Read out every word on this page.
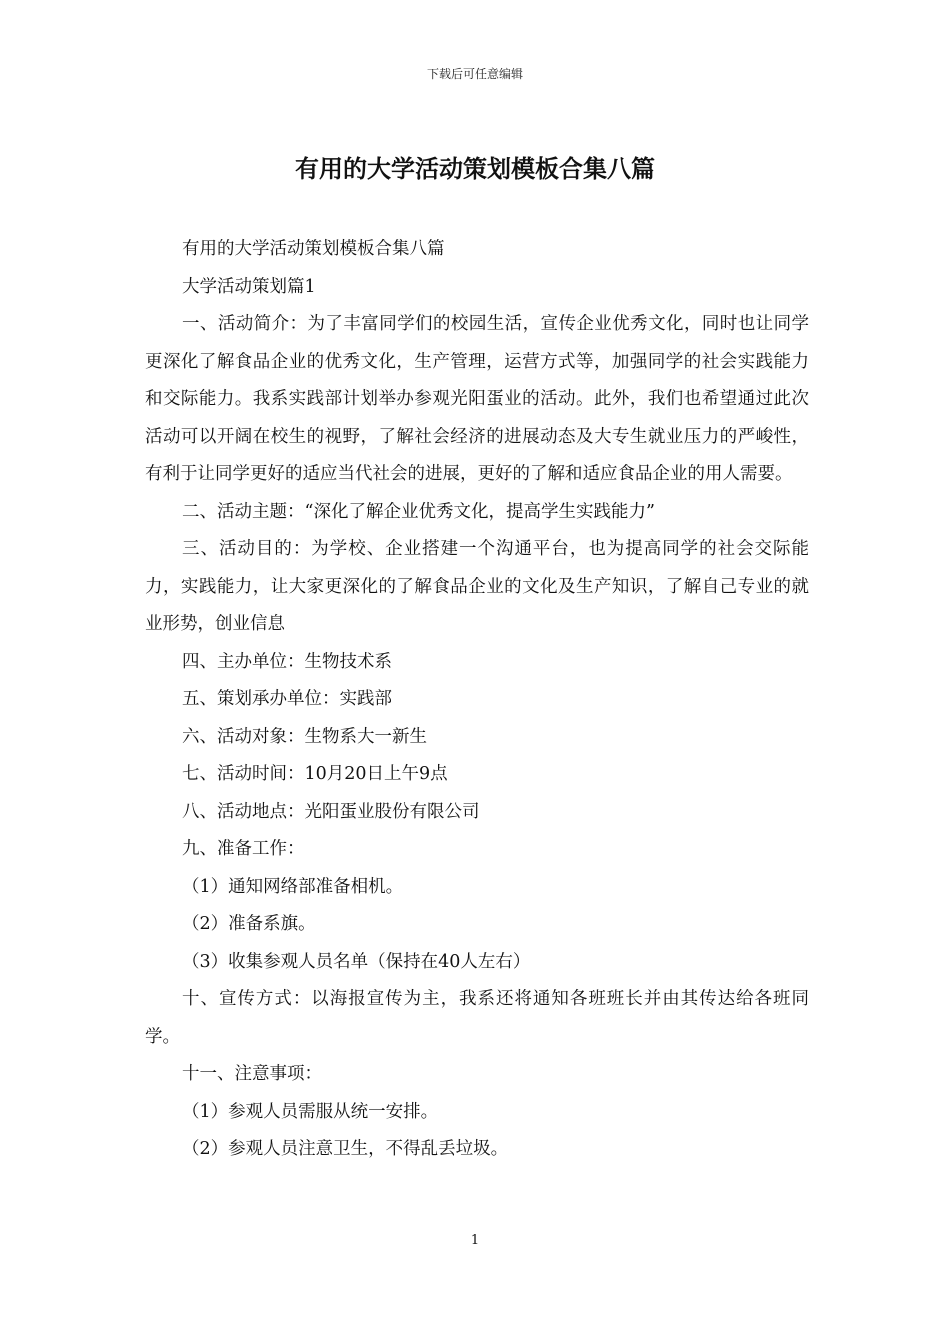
下载后可任意编辑
有用的大学活动策划模板合集八篇

有用的大学活动策划模板合集八篇

大学活动策划篇1

一、活动简介：为了丰富同学们的校园生活，宣传企业优秀文化，同时也让同学更深化了解食品企业的优秀文化，生产管理，运营方式等，加强同学的社会实践能力和交际能力。我系实践部计划举办参观光阳蛋业的活动。此外，我们也希望通过此次活动可以开阔在校生的视野，了解社会经济的进展动态及大专生就业压力的严峻性，有利于让同学更好的适应当代社会的进展，更好的了解和适应食品企业的用人需要。

二、活动主题：“深化了解企业优秀文化，提高学生实践能力”

三、活动目的：为学校、企业搭建一个沟通平台，也为提高同学的社会交际能力，实践能力，让大家更深化的了解食品企业的文化及生产知识，了解自己专业的就业形势，创业信息

四、主办单位：生物技术系

五、策划承办单位：实践部

六、活动对象：生物系大一新生

七、活动时间：10月20日上午9点

八、活动地点：光阳蛋业股份有限公司

九、准备工作：

（1）通知网络部准备相机。

（2）准备系旗。

（3）收集参观人员名单（保持在40人左右）

十、宣传方式：以海报宣传为主，我系还将通知各班班长并由其传达给各班同学。

十一、注意事项：

（1）参观人员需服从统一安排。

（2）参观人员注意卫生，不得乱丢垃圾。

1
